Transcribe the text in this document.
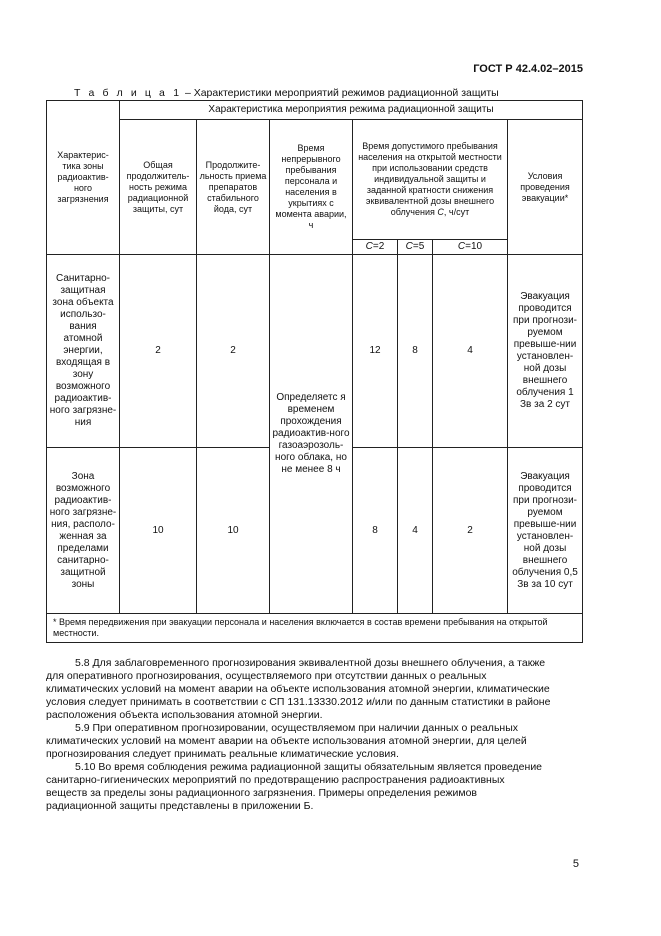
ГОСТ Р 42.4.02–2015
Т а б л и ц а 1 – Характеристики мероприятий режимов радиационной защиты
Характерис-тика зоны радиоактив-ного загрязнения	Характеристика мероприятия режима радиационной защиты						
	Общая продолжитель-ность режима радиационной защиты, сут	Продолжите-льность приема препаратов стабильного йода, сут	Время непрерывного пребывания персонала и населения в укрытиях с момента аварии, ч	Время допустимого пребывания населения на открытой местности при использовании средств индивидуальной защиты и заданной кратности снижения эквивалентной дозы внешнего облучения C, ч/сут			Условия проведения эвакуации*
				C=2	C=5	C=10	
Санитарно-защитная зона объекта использо-вания атомной энергии, входящая в зону возможного радиоактив-ного загрязне-ния	2	2	Определяетс я временем прохождения радиоактив-ного газоаэрозоль-ного облака, но не менее 8 ч	12	8	4	Эвакуация проводится при прогнози-руемом превыше-нии установлен-ной дозы внешнего облучения 1 Зв за 2 сут
Зона возможного радиоактив-ного загрязне-ния, располо-женная за пределами санитарно-защитной зоны	10	10		8	4	2	Эвакуация проводится при прогнози-руемом превыше-нии установлен-ной дозы внешнего облучения 0,5 Зв за 10 сут
* Время передвижения при эвакуации персонала и населения включается в состав времени пребывания на открытой местности.							

5.8 Для заблаговременного прогнозирования эквивалентной дозы внешнего облучения, а также

для оперативного прогнозирования, осуществляемого при отсутствии данных о реальных

климатических условий на момент аварии на объекте использования атомной энергии, климатические

условия следует принимать в соответствии с СП 131.13330.2012 и/или по данным статистики в районе

расположения объекта использования атомной энергии.

5.9 При оперативном прогнозировании, осуществляемом при наличии данных о реальных

климатических условий на момент аварии на объекте использования атомной энергии, для целей

прогнозирования следует принимать реальные климатические условия.

5.10 Во время соблюдения режима радиационной защиты обязательным является проведение

санитарно-гигиенических мероприятий по предотвращению распространения радиоактивных

веществ за пределы зоны радиационного загрязнения. Примеры определения режимов

радиационной защиты представлены в приложении Б.

5
